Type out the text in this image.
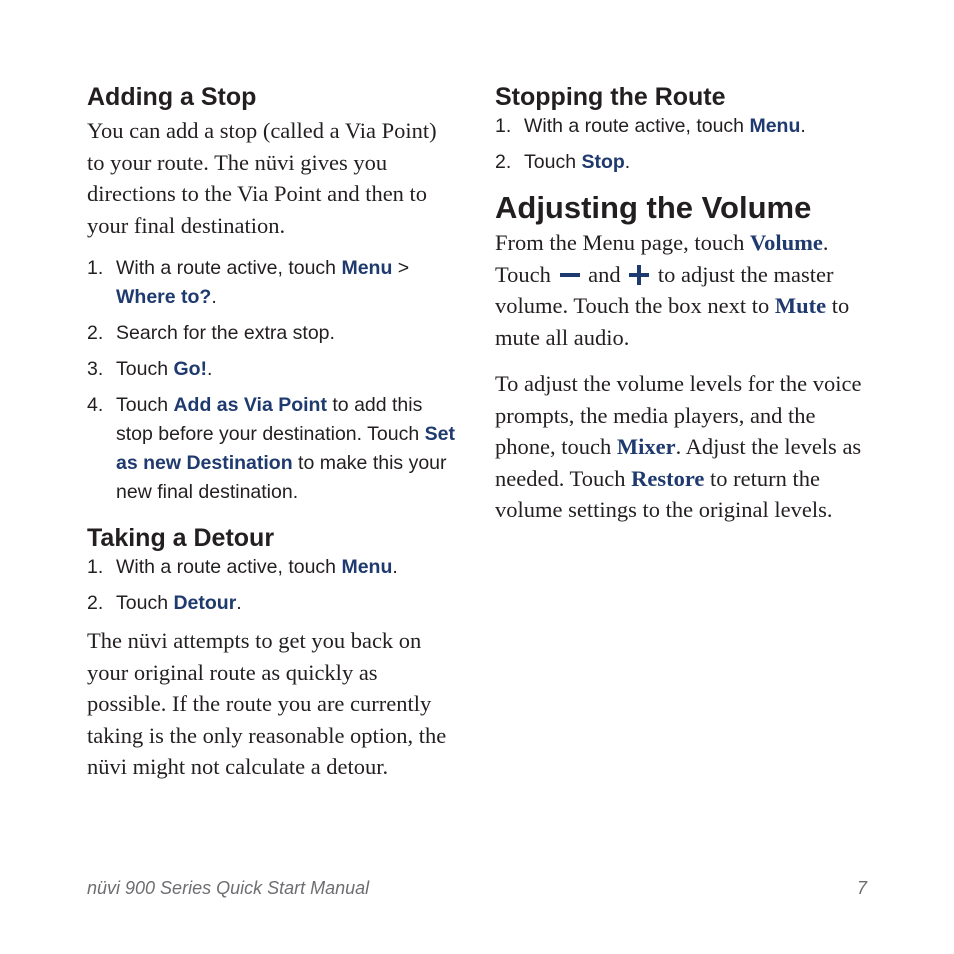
Adding a Stop

You can add a stop (called a Via Point) to your route. The nüvi gives you directions to the Via Point and then to your final destination.

1. With a route active, touch Menu > Where to?.
2. Search for the extra stop.
3. Touch Go!.
4. Touch Add as Via Point to add this stop before your destination. Touch Set as new Destination to make this your new final destination.
Taking a Detour
1. With a route active, touch Menu.
2. Touch Detour.

The nüvi attempts to get you back on your original route as quickly as possible. If the route you are currently taking is the only reasonable option, the nüvi might not calculate a detour.

Stopping the Route
1. With a route active, touch Menu.
2. Touch Stop.
Adjusting the Volume

From the Menu page, touch Volume. Touch  and  to adjust the master volume. Touch the box next to Mute to mute all audio.

To adjust the volume levels for the voice prompts, the media players, and the phone, touch Mixer. Adjust the levels as needed. Touch Restore to return the volume settings to the original levels.

nüvi 900 Series Quick Start Manual	7
